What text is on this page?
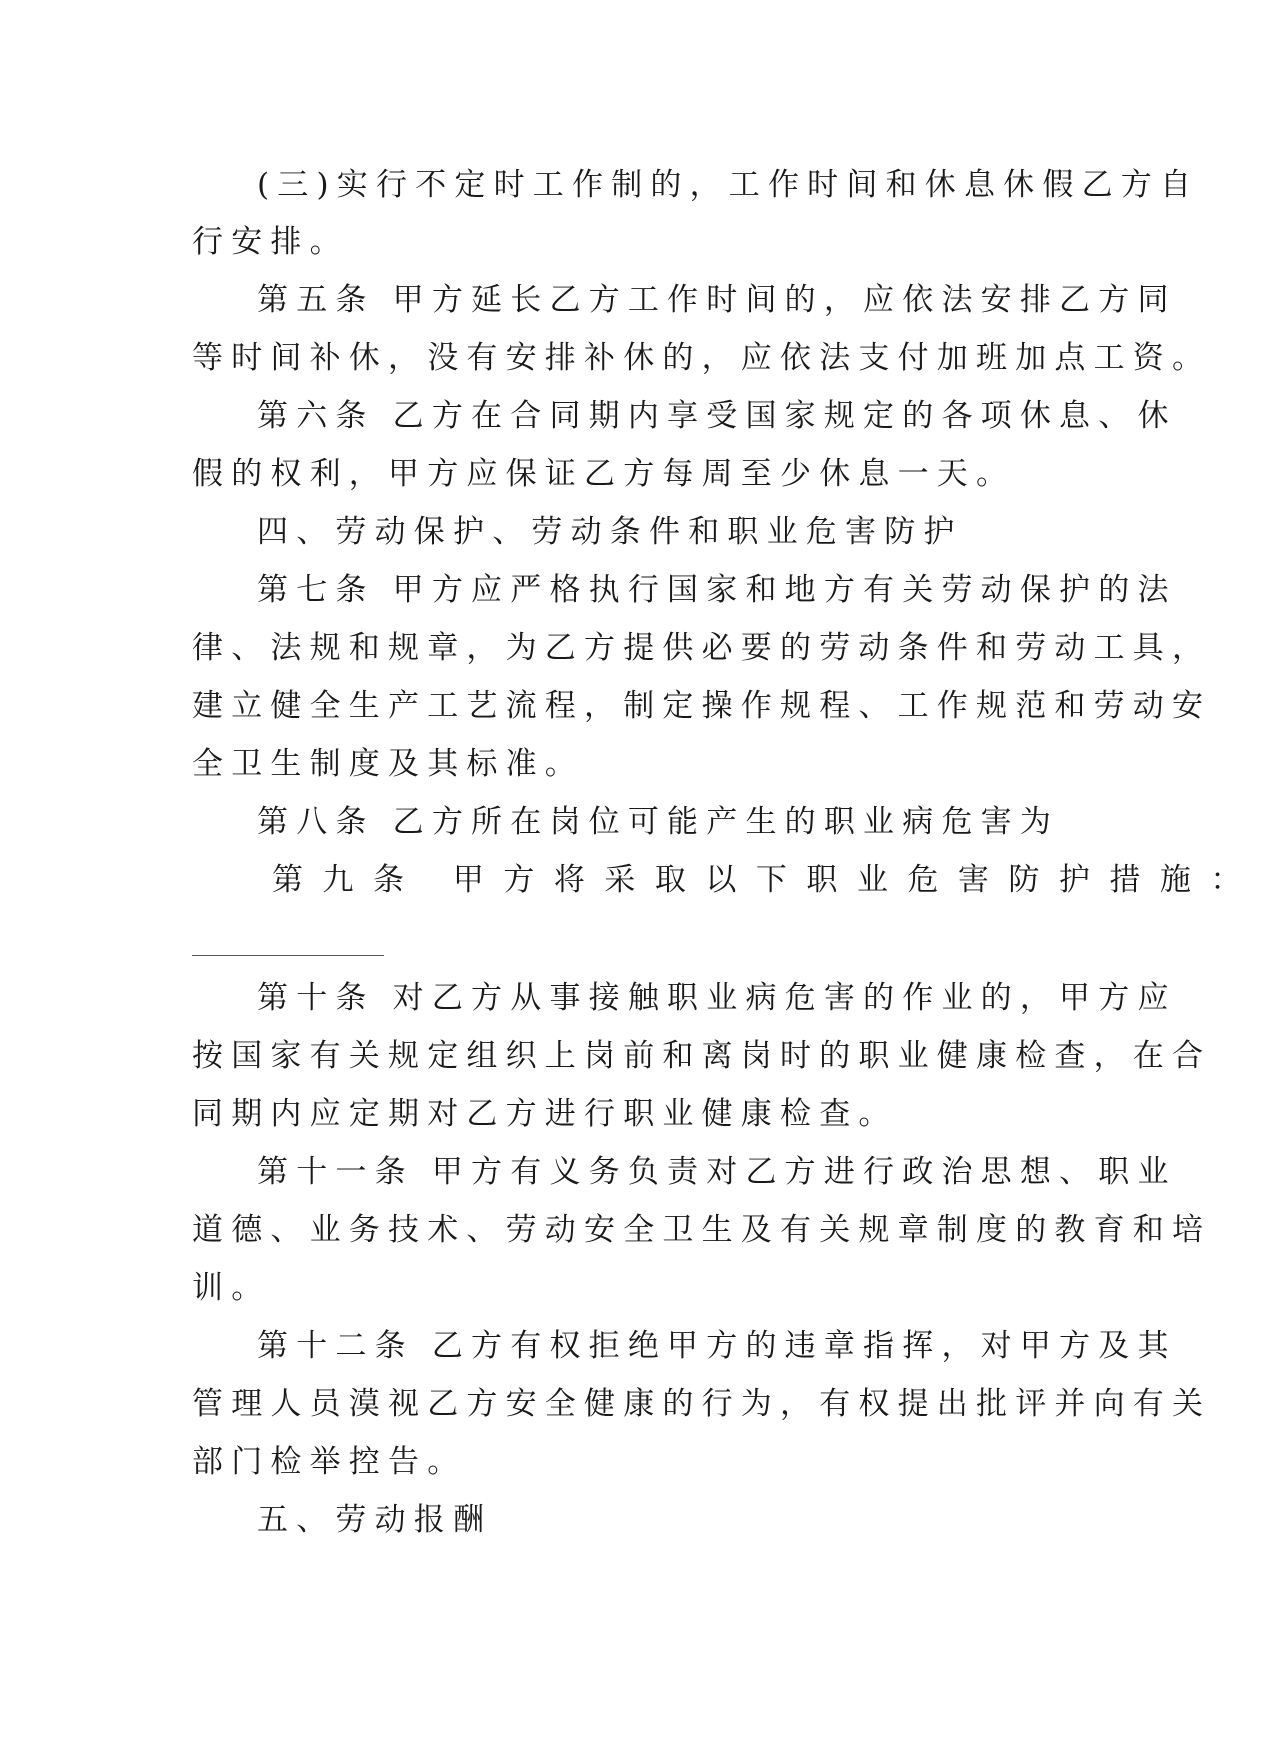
(三)实行不定时工作制的，工作时间和休息休假乙方自
行安排。
第五条 甲方延长乙方工作时间的，应依法安排乙方同
等时间补休，没有安排补休的，应依法支付加班加点工资。
第六条 乙方在合同期内享受国家规定的各项休息、休
假的权利，甲方应保证乙方每周至少休息一天。
四、劳动保护、劳动条件和职业危害防护
第七条 甲方应严格执行国家和地方有关劳动保护的法
律、法规和规章，为乙方提供必要的劳动条件和劳动工具，
建立健全生产工艺流程，制定操作规程、工作规范和劳动安
全卫生制度及其标准。
第八条 乙方所在岗位可能产生的职业病危害为
第九条 甲方将采取以下职业危害防护措施：
第十条 对乙方从事接触职业病危害的作业的，甲方应
按国家有关规定组织上岗前和离岗时的职业健康检查，在合
同期内应定期对乙方进行职业健康检查。
第十一条 甲方有义务负责对乙方进行政治思想、职业
道德、业务技术、劳动安全卫生及有关规章制度的教育和培
训。
第十二条 乙方有权拒绝甲方的违章指挥，对甲方及其
管理人员漠视乙方安全健康的行为，有权提出批评并向有关
部门检举控告。
五、劳动报酬
